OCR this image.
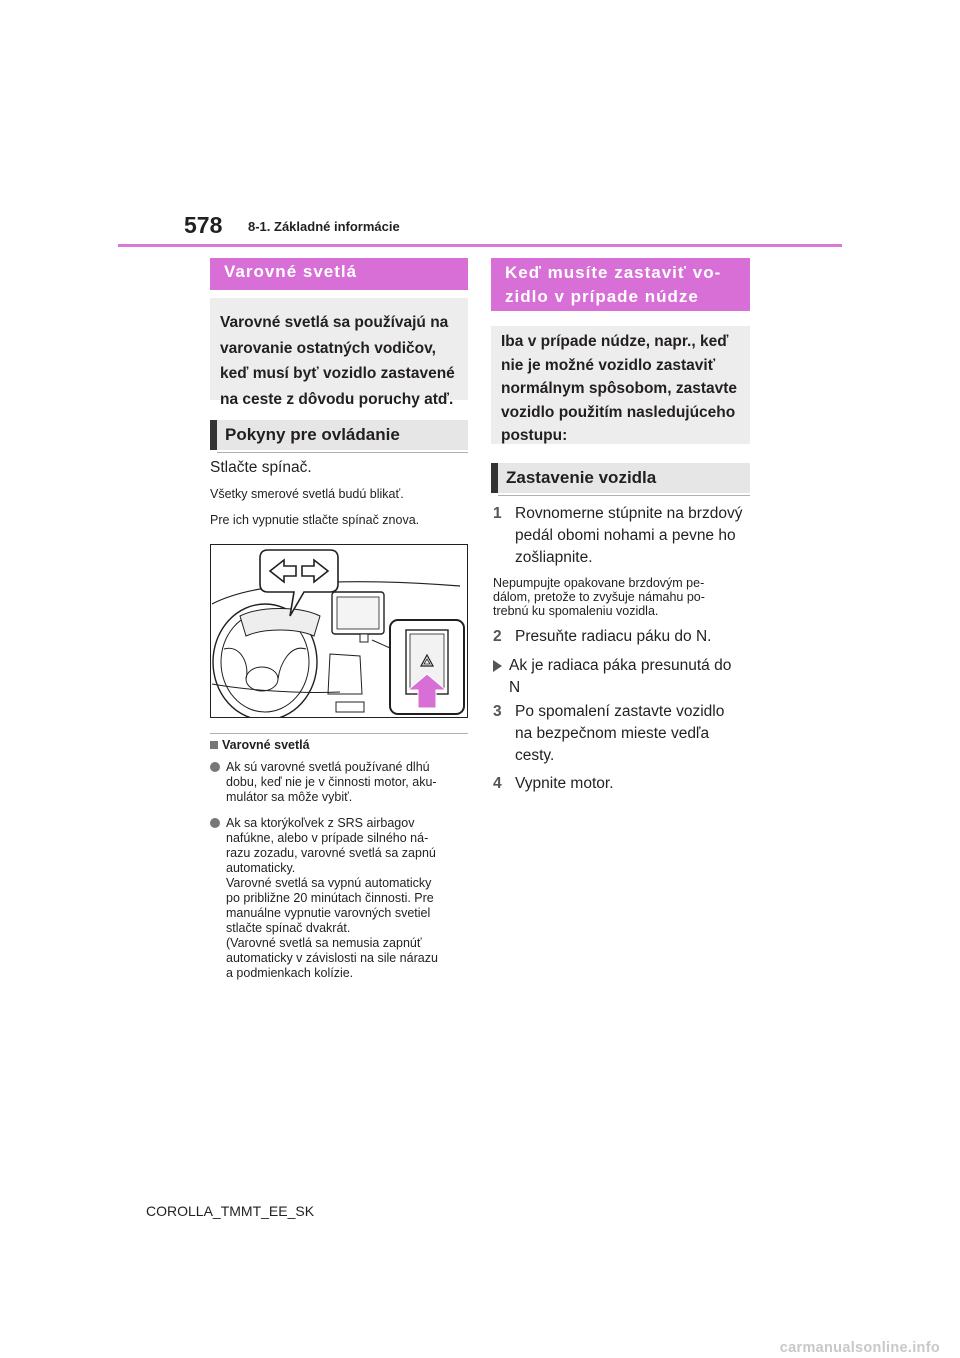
578 8-1. Základné informácie
Varovné svetlá
Varovné svetlá sa používajú na
varovanie ostatných vodičov,
keď musí byť vozidlo zastavené
na ceste z dôvodu poruchy atď.
Pokyny pre ovládanie
Stlačte spínač.
Všetky smerové svetlá budú blikať.
Pre ich vypnutie stlačte spínač znova.
Varovné svetlá
Ak sú varovné svetlá používané dlhú
dobu, keď nie je v činnosti motor, aku-
mulátor sa môže vybiť.
Ak sa ktorýkoľvek z SRS airbagov
nafúkne, alebo v prípade silného ná-
razu zozadu, varovné svetlá sa zapnú
automaticky.
Varovné svetlá sa vypnú automaticky
po približne 20 minútach činnosti. Pre
manuálne vypnutie varovných svetiel
stlačte spínač dvakrát.
(Varovné svetlá sa nemusia zapnúť
automaticky v závislosti na sile nárazu
a podmienkach kolízie.
Keď musíte zastaviť vo-
zidlo v prípade núdze
Iba v prípade núdze, napr., keď
nie je možné vozidlo zastaviť
normálnym spôsobom, zastavte
vozidlo použitím nasledujúceho
postupu:
Zastavenie vozidla
1 Rovnomerne stúpnite na brzdový
pedál obomi nohami a pevne ho
zošliapnite.
Nepumpujte opakovane brzdovým pe-
dálom, pretože to zvyšuje námahu po-
trebnú ku spomaleniu vozidla.
2 Presuňte radiacu páku do N.
Ak je radiaca páka presunutá do
N
3 Po spomalení zastavte vozidlo
na bezpečnom mieste vedľa
cesty.
4 Vypnite motor.
COROLLA_TMMT_EE_SK
carmanualsonline.info
